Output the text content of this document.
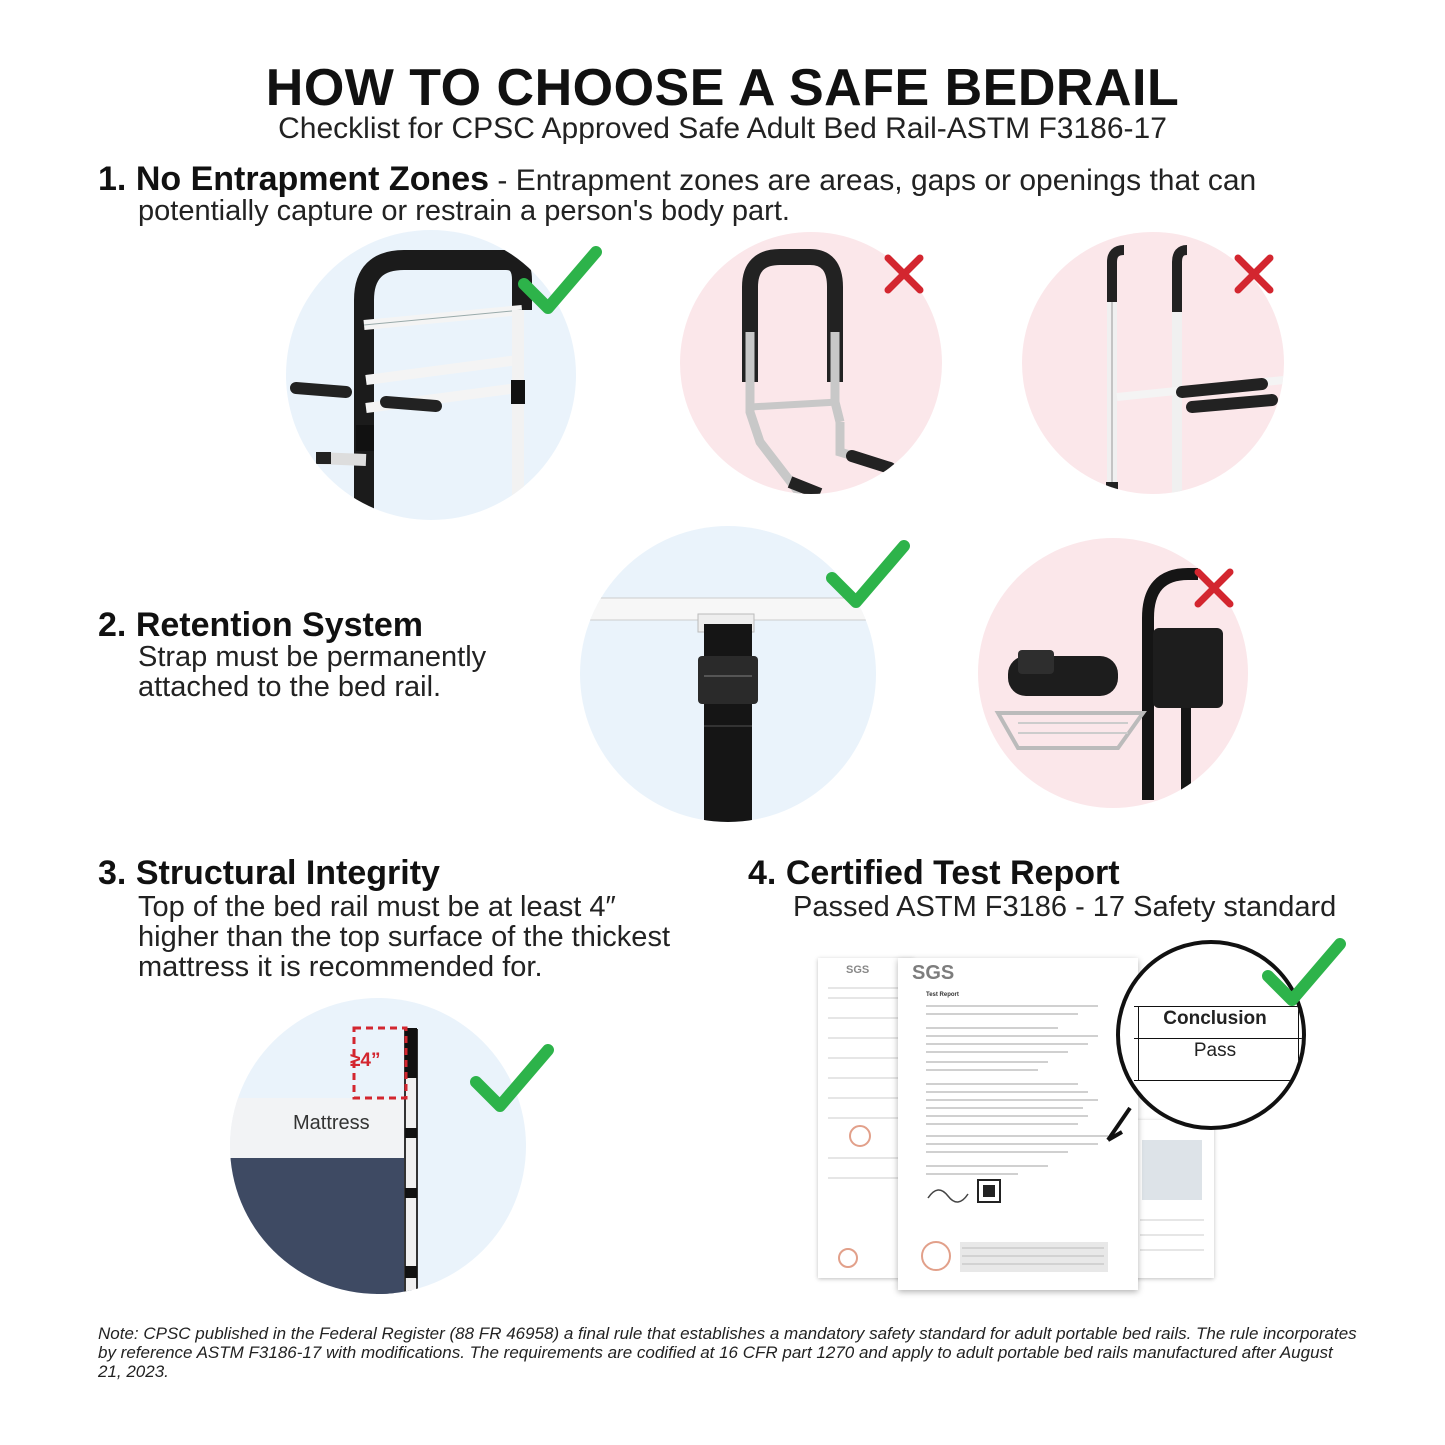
HOW TO CHOOSE A SAFE BEDRAIL
Checklist for CPSC Approved Safe Adult Bed Rail-ASTM F3186-17
1. No Entrapment Zones - Entrapment zones are areas, gaps or openings that can
potentially capture or restrain a person's body part.
2. Retention System
Strap must be permanently
attached to the bed rail.
3. Structural Integrity
Top of the bed rail must be at least 4″
higher than the top surface of the thickest
mattress it is recommended for.
Mattress
≥4”
4. Certified Test Report
Passed ASTM F3186 - 17 Safety standard
SGS SGS
Test Report
Conclusion
Pass
Note: CPSC published in the Federal Register (88 FR 46958) a final rule that establishes a mandatory safety standard for adult portable bed rails. The rule incorporates by reference ASTM F3186-17 with modifications. The requirements are codified at 16 CFR part 1270 and apply to adult portable bed rails manufactured after August 21, 2023.
